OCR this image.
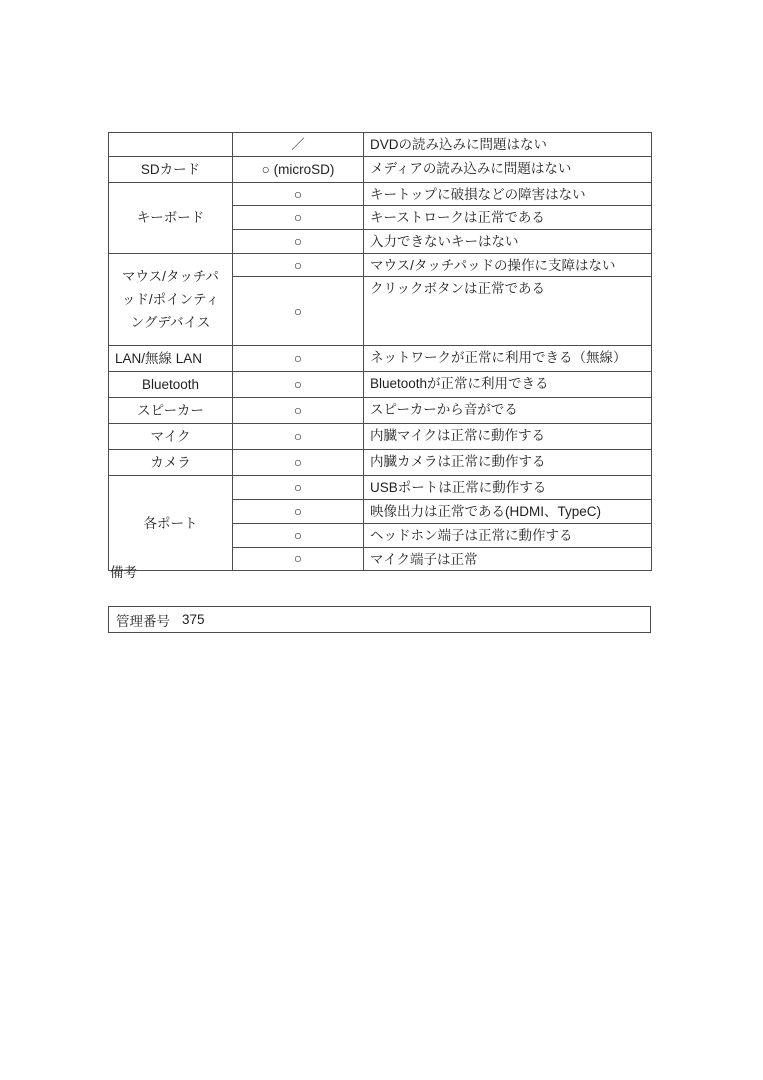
	／	DVDの読み込みに問題はない
SDカード	○ (microSD)	メディアの読み込みに問題はない
キーボード	○	キートップに破損などの障害はない
	○	キーストロークは正常である
	○	入力できないキーはない
マウス/タッチパッド/ポインティングデバイス	○	マウス/タッチパッドの操作に支障はない
	○	クリックボタンは正常である
LAN/無線 LAN	○	ネットワークが正常に利用できる（無線）
Bluetooth	○	Bluetoothが正常に利用できる
スピーカー	○	スピーカーから音がでる
マイク	○	内臓マイクは正常に動作する
カメラ	○	内臓カメラは正常に動作する
各ポート	○	USBポートは正常に動作する
	○	映像出力は正常である(HDMI、TypeC)
	○	ヘッドホン端子は正常に動作する
	○	マイク端子は正常
備考
管理番号 375
